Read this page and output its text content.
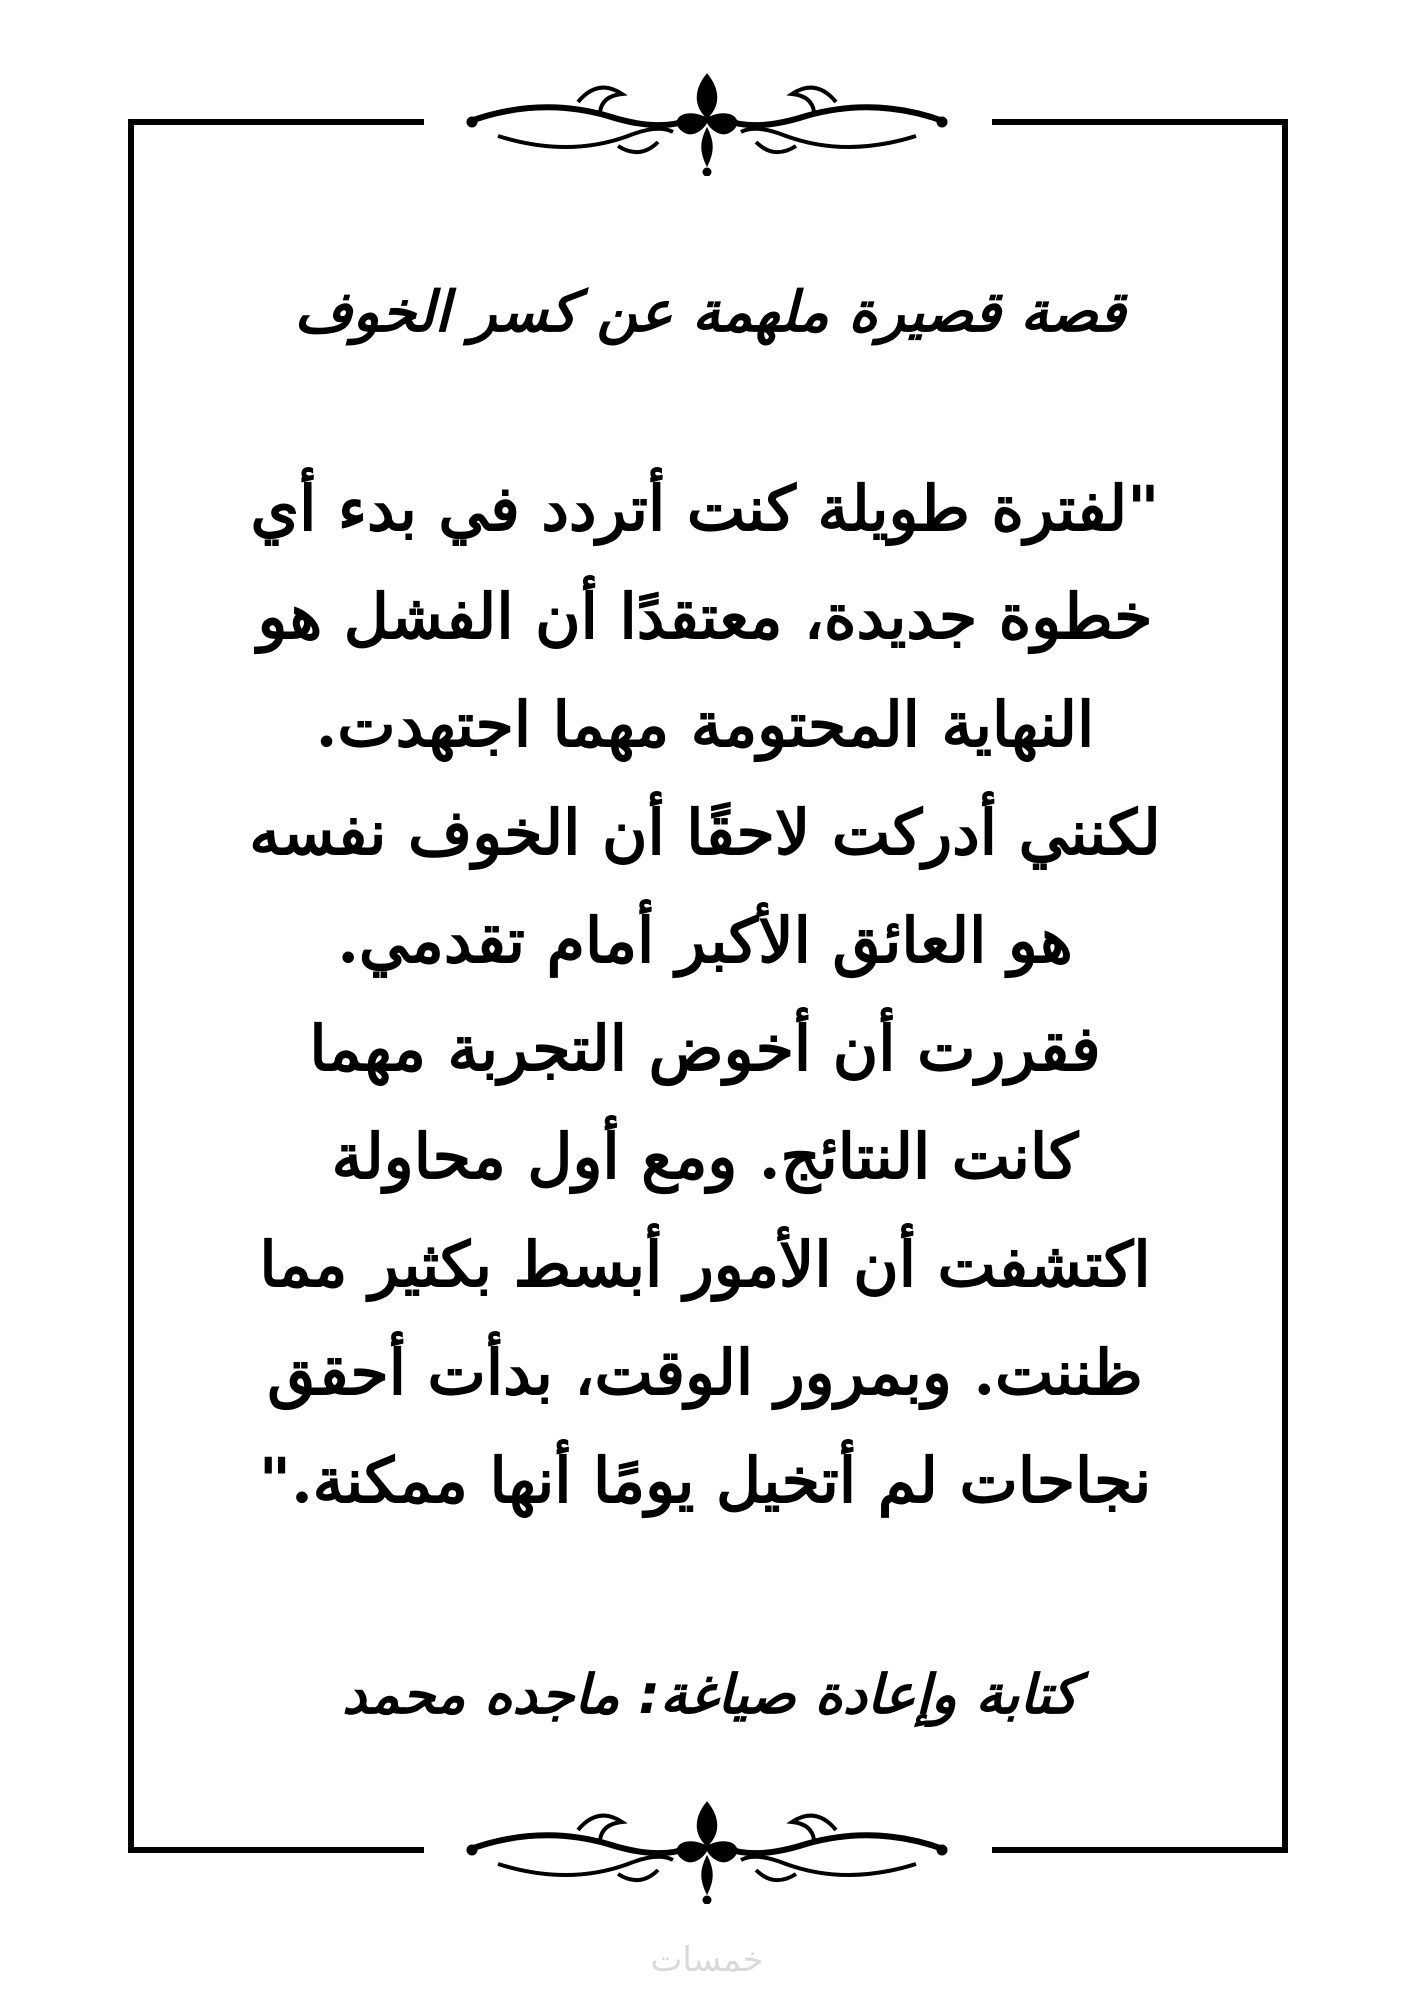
قصة قصيرة ملهمة عن كسر الخوف

"لفترة طويلة كنت أتردد في بدء أي خطوة جديدة، معتقدًا أن الفشل هو النهاية المحتومة مهما اجتهدت. لكنني أدركت لاحقًا أن الخوف نفسه هو العائق الأكبر أمام تقدمي. فقررت أن أخوض التجربة مهما كانت النتائج. ومع أول محاولة اكتشفت أن الأمور أبسط بكثير مما ظننت. وبمرور الوقت، بدأت أحقق نجاحات لم أتخيل يومًا أنها ممكنة."

كتابة وإعادة صياغة: ماجده محمد
خمسات
